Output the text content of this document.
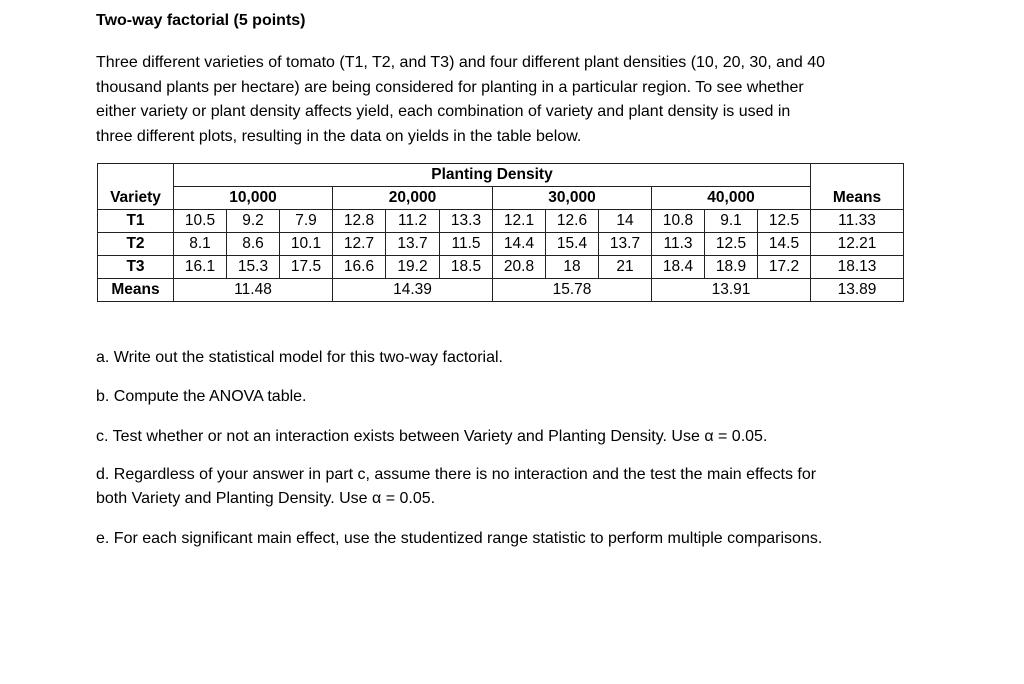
Two-way factorial (5 points)

Three different varieties of tomato (T1, T2, and T3) and four different plant densities (10, 20, 30, and 40
thousand plants per hectare) are being considered for planting in a particular region. To see whether
either variety or plant density affects yield, each combination of variety and plant density is used in
three different plots, resulting in the data on yields in the table below.

	Planting Density												
Variety	10,000			20,000			30,000			40,000			Means
T1	10.5	9.2	7.9	12.8	11.2	13.3	12.1	12.6	14	10.8	9.1	12.5	11.33
T2	8.1	8.6	10.1	12.7	13.7	11.5	14.4	15.4	13.7	11.3	12.5	14.5	12.21
T3	16.1	15.3	17.5	16.6	19.2	18.5	20.8	18	21	18.4	18.9	17.2	18.13
Means	11.48			14.39			15.78			13.91			13.89

a. Write out the statistical model for this two-way factorial.

b. Compute the ANOVA table.

c. Test whether or not an interaction exists between Variety and Planting Density. Use α = 0.05.

d. Regardless of your answer in part c, assume there is no interaction and the test the main effects for
both Variety and Planting Density. Use α = 0.05.

e. For each significant main effect, use the studentized range statistic to perform multiple comparisons.
